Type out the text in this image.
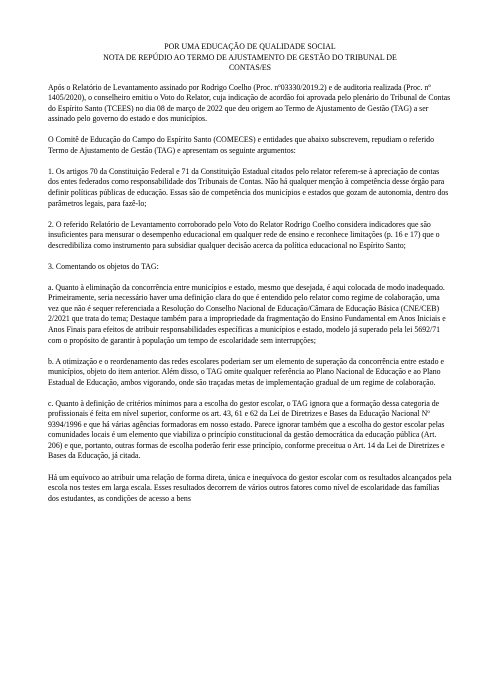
POR UMA EDUCAÇÃO DE QUALIDADE SOCIAL

NOTA DE REPÚDIO AO TERMO DE AJUSTAMENTO DE GESTÃO DO TRIBUNAL DE

CONTAS/ES

Após o Relatório de Levantamento assinado por Rodrigo Coelho (Proc. nº03330/2019.2) e de auditoria realizada (Proc. nº 1405/2020), o conselheiro emitiu o Voto do Relator, cuja indicação de acordão foi aprovada pelo plenário do Tribunal de Contas do Espírito Santo (TCEES) no dia 08 de março de 2022 que deu origem ao Termo de Ajustamento de Gestão (TAG) a ser assinado pelo governo do estado e dos municípios.

O Comitê de Educação do Campo do Espírito Santo (COMECES) e entidades que abaixo subscrevem, repudiam o referido Termo de Ajustamento de Gestão (TAG) e apresentam os seguinte argumentos:

1. Os artigos 70 da Constituição Federal e 71 da Constituição Estadual citados pelo relator referem-se à apreciação de contas dos entes federados como responsabilidade dos Tribunais de Contas. Não há qualquer menção à competência desse órgão para definir políticas públicas de educação. Essas são de competência dos municípios e estados que gozam de autonomia, dentro dos parâmetros legais, para fazê-lo;

2. O referido Relatório de Levantamento corroborado pelo Voto do Relator Rodrigo Coelho considera indicadores que são insuficientes para mensurar o desempenho educacional em qualquer rede de ensino e reconhece limitações (p. 16 e 17) que o descredibiliza como instrumento para subsidiar qualquer decisão acerca da política educacional no Espírito Santo;

3. Comentando os objetos do TAG:

a. Quanto à eliminação da concorrência entre municípios e estado, mesmo que desejada, é aqui colocada de modo inadequado. Primeiramente, seria necessário haver uma definição clara do que é entendido pelo relator como regime de colaboração, uma vez que não é sequer referenciada a Resolução do Conselho Nacional de Educação/Câmara de Educação Básica (CNE/CEB) 2/2021 que trata do tema; Destaque também para a impropriedade da fragmentação do Ensino Fundamental em Anos Iniciais e Anos Finais para efeitos de atribuir responsabilidades específicas a municípios e estado, modelo já superado pela lei 5692/71 com o propósito de garantir à população um tempo de escolaridade sem interrupções;

b. A otimização e o reordenamento das redes escolares poderiam ser um elemento de superação da concorrência entre estado e municípios, objeto do item anterior. Além disso, o TAG omite qualquer referência ao Plano Nacional de Educação e ao Plano Estadual de Educação, ambos vigorando, onde são traçadas metas de implementação gradual de um regime de colaboração.

c. Quanto à definição de critérios mínimos para a escolha do gestor escolar, o TAG ignora que a formação dessa categoria de profissionais é feita em nível superior, conforme os art. 43, 61 e 62 da Lei de Diretrizes e Bases da Educação Nacional Nº 9394/1996 e que há várias agências formadoras em nosso estado. Parece ignorar também que a escolha do gestor escolar pelas comunidades locais é um elemento que viabiliza o princípio constitucional da gestão democrática da educação pública (Art. 206) e que, portanto, outras formas de escolha poderão ferir esse princípio, conforme preceitua o Art. 14 da Lei de Diretrizes e Bases da Educação, já citada.

Há um equívoco ao atribuir uma relação de forma direta, única e inequívoca do gestor escolar com os resultados alcançados pela escola nos testes em larga escala. Esses resultados decorrem de vários outros fatores como nível de escolaridade das famílias dos estudantes, as condições de acesso a bens
